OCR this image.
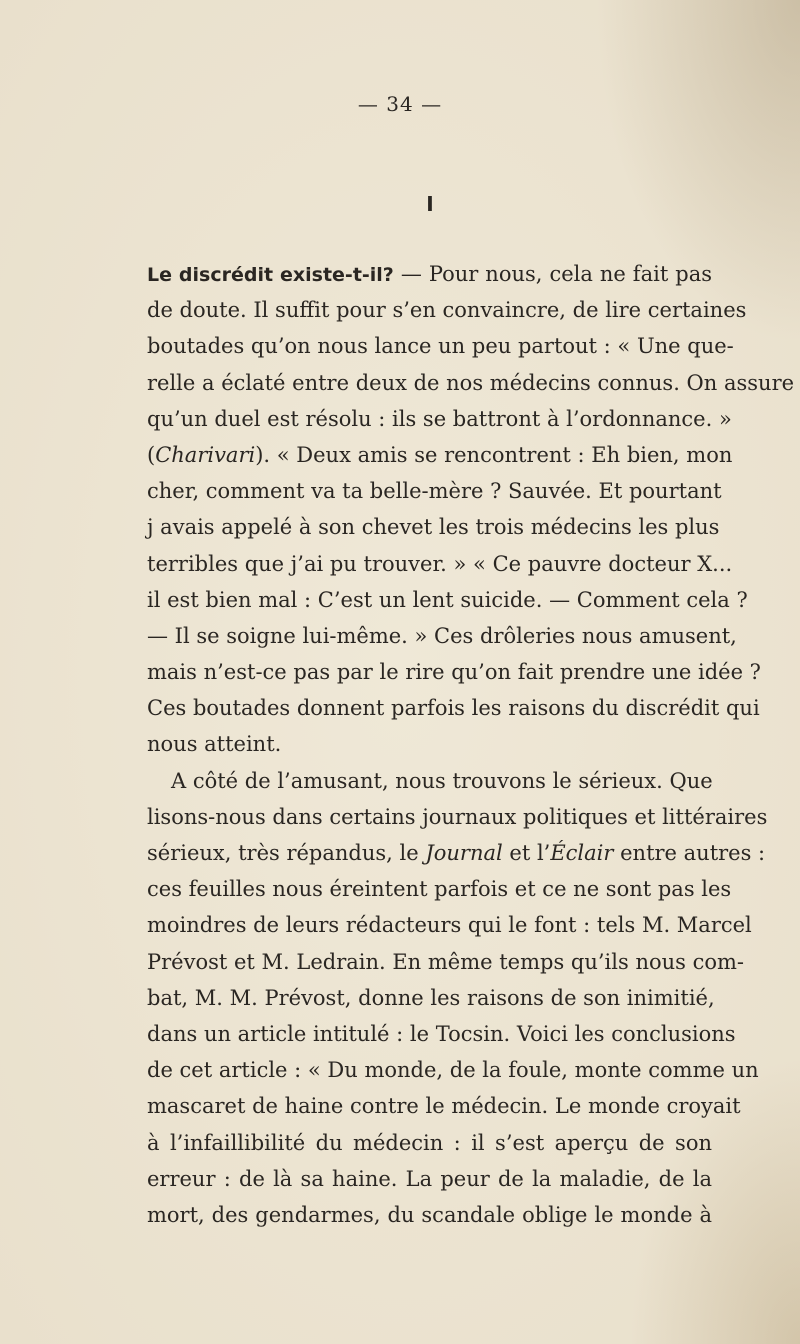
— 34 —
I
Le discrédit existe-t-il? — Pour nous, cela ne fait pas
de doute. Il suffit pour s’en convaincre, de lire certaines
boutades qu’on nous lance un peu partout : « Une que-
relle a éclaté entre deux de nos médecins connus. On assure
qu’un duel est résolu : ils se battront à l’ordonnance. »
(Charivari). « Deux amis se rencontrent : Eh bien, mon
cher, comment va ta belle-mère ? Sauvée. Et pourtant
j avais appelé à son chevet les trois médecins les plus
terribles que j’ai pu trouver. » « Ce pauvre docteur X...
il est bien mal : C’est un lent suicide. — Comment cela ?
— Il se soigne lui-même. » Ces drôleries nous amusent,
mais n’est-ce pas par le rire qu’on fait prendre une idée ?
Ces boutades donnent parfois les raisons du discrédit qui
nous atteint.
A côté de l’amusant, nous trouvons le sérieux. Que
lisons-nous dans certains journaux politiques et littéraires
sérieux, très répandus, le Journal et l’Éclair entre autres :
ces feuilles nous éreintent parfois et ce ne sont pas les
moindres de leurs rédacteurs qui le font : tels M. Marcel
Prévost et M. Ledrain. En même temps qu’ils nous com-
bat, M. M. Prévost, donne les raisons de son inimitié,
dans un article intitulé : le Tocsin. Voici les conclusions
de cet article : « Du monde, de la foule, monte comme un
mascaret de haine contre le médecin. Le monde croyait
à l’infaillibilité du médecin : il s’est aperçu de son
erreur : de là sa haine. La peur de la maladie, de la
mort, des gendarmes, du scandale oblige le monde à
